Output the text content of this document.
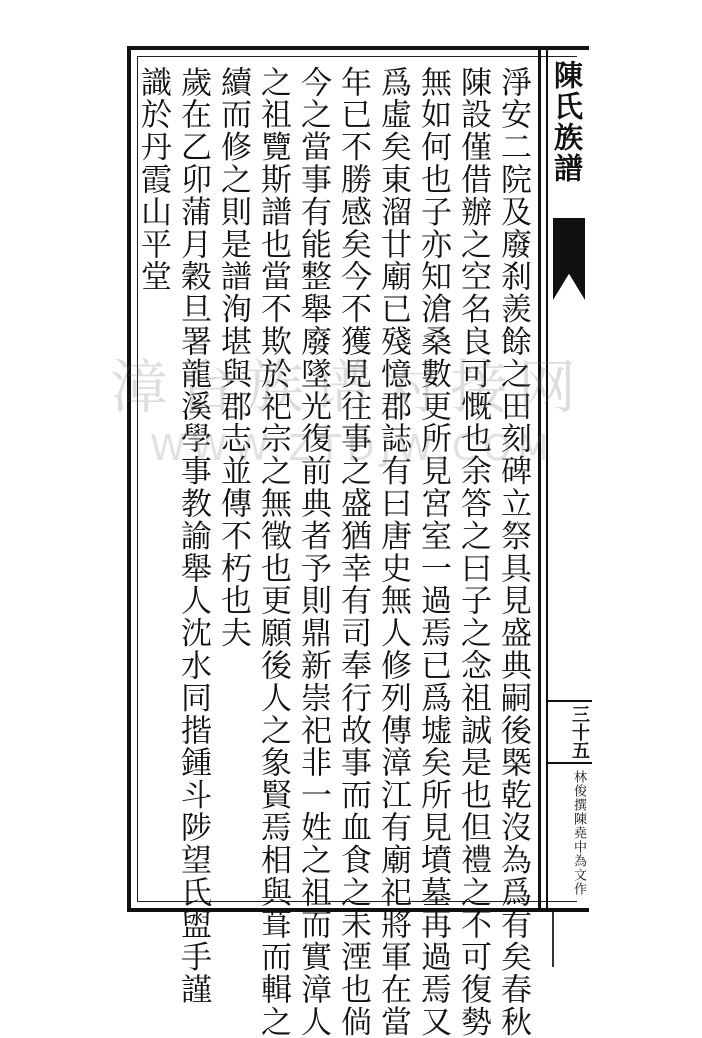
陳氏族譜
三十五
林俊撰陳堯中為文作
淨安二院及廢刹羨餘之田刻碑立祭具見盛典嗣後槩乾沒為爲有矣春秋
陳設僅借辦之空名良可慨也余答之曰子之念祖誠是也但禮之不可復勢
無如何也子亦知滄桑數更所見宮室一過焉已爲墟矣所見墳墓再過焉又
爲虛矣東溜廿廟已殘憶郡誌有曰唐史無人修列傳漳江有廟祀將軍在當
年已不勝感矣今不獲見往事之盛猶幸有司奉行故事而血食之未湮也倘
今之當事有能整舉廢墜光復前典者予則鼎新崇祀非一姓之祖而實漳人
之祖覽斯譜也當不欺於祀宗之無徵也更願後人之象賢焉相與葺而輯之
續而修之則是譜洵堪與郡志並傳不朽也夫
歲在乙卯蒲月穀旦署龍溪學事教諭舉人沈水同揩鍾斗陟望氏盥手謹
識於丹霞山平堂
漳台族谱对接网
WWW.ZTDJW.COM
